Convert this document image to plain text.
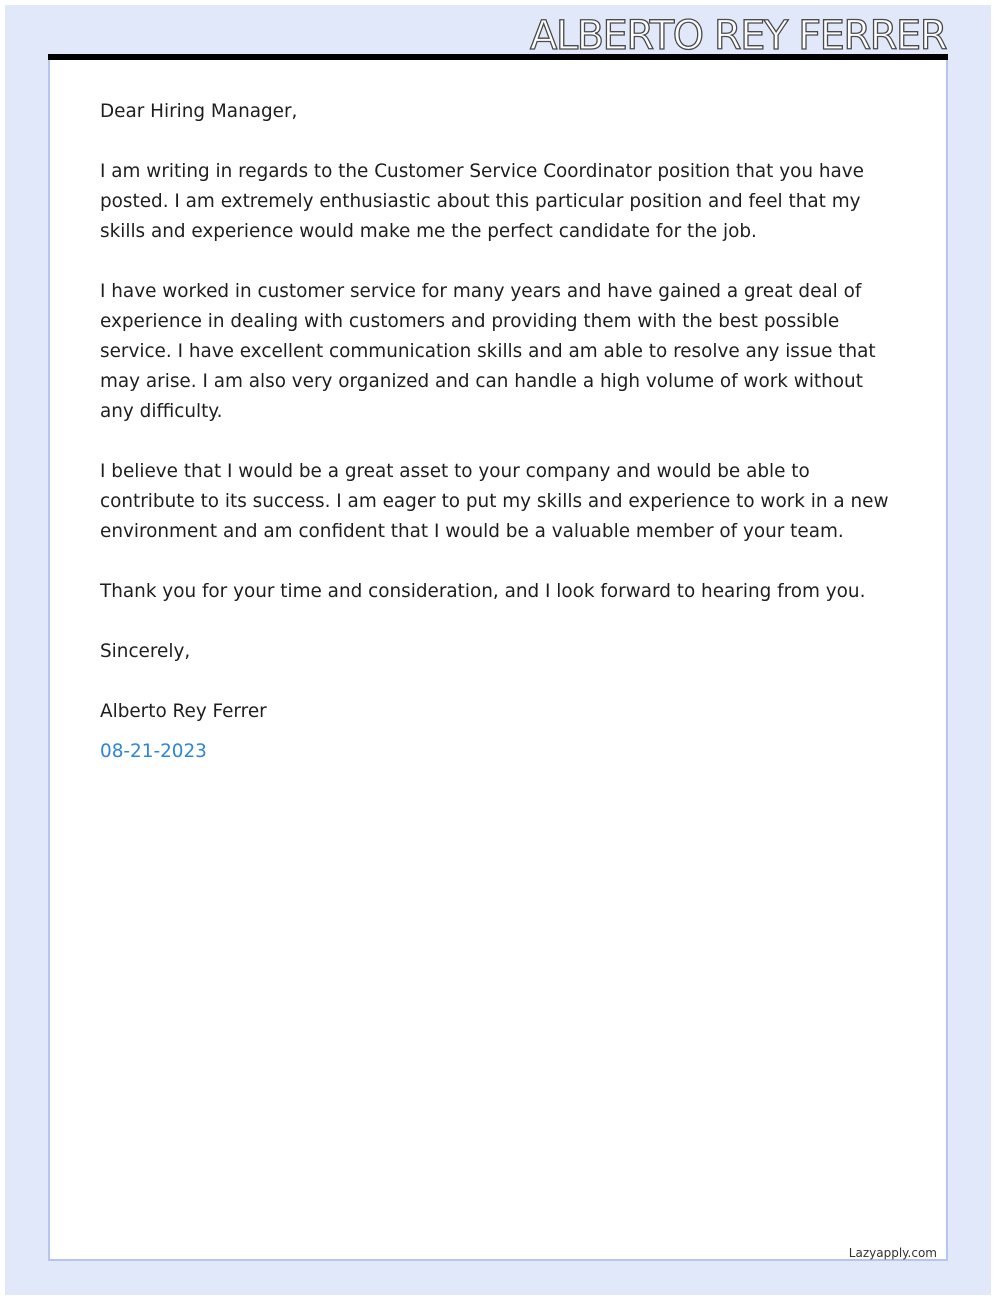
ALBERTO REY FERRER

Dear Hiring Manager,

I am writing in regards to the Customer Service Coordinator position that you have posted. I am extremely enthusiastic about this particular position and feel that my skills and experience would make me the perfect candidate for the job.

I have worked in customer service for many years and have gained a great deal of experience in dealing with customers and providing them with the best possible service. I have excellent communication skills and am able to resolve any issue that may arise. I am also very organized and can handle a high volume of work without any difficulty.

I believe that I would be a great asset to your company and would be able to contribute to its success. I am eager to put my skills and experience to work in a new environment and am confident that I would be a valuable member of your team.

Thank you for your time and consideration, and I look forward to hearing from you.

Sincerely,

Alberto Rey Ferrer

08-21-2023

Lazyapply.com
